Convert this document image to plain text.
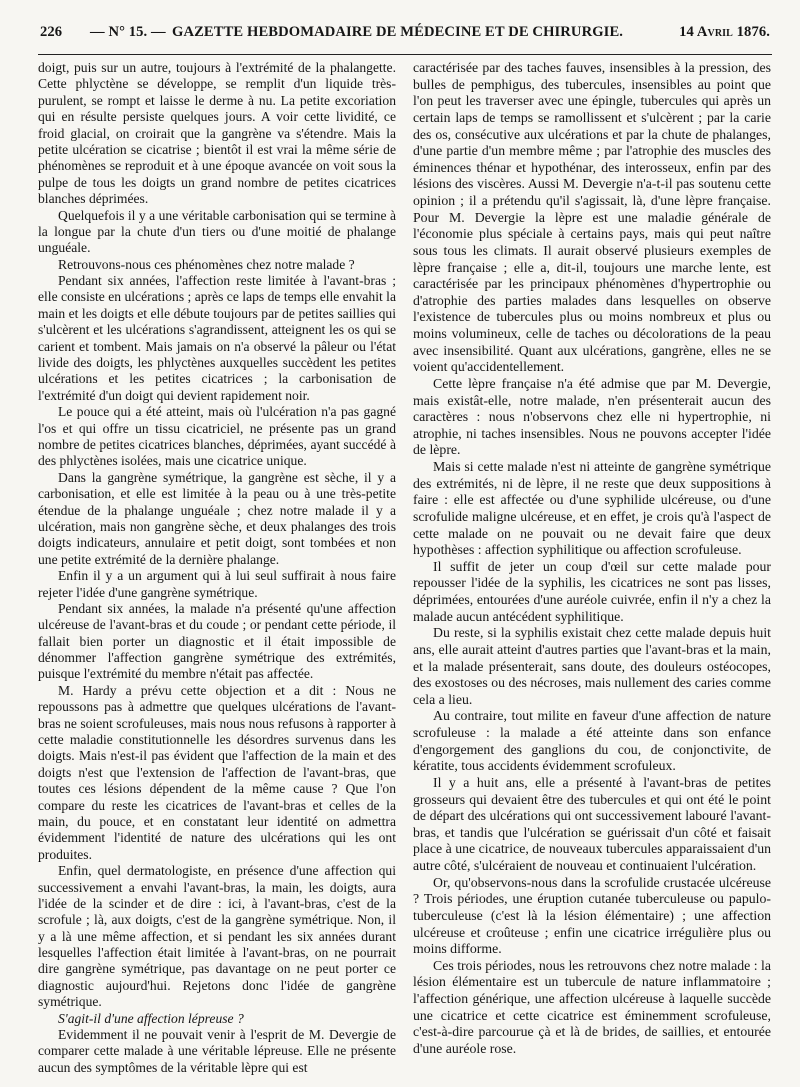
226	— N° 15. — GAZETTE HEBDOMADAIRE DE MÉDECINE ET DE CHIRURGIE.	14 Avril 1876.

doigt, puis sur un autre, toujours à l'extrémité de la phalangette. Cette phlyctène se développe, se remplit d'un liquide très-purulent, se rompt et laisse le derme à nu. La petite excoriation qui en résulte persiste quelques jours. A voir cette lividité, ce froid glacial, on croirait que la gangrène va s'étendre. Mais la petite ulcération se cicatrise ; bientôt il est vrai la même série de phénomènes se reproduit et à une époque avancée on voit sous la pulpe de tous les doigts un grand nombre de petites cicatrices blanches déprimées.

Quelquefois il y a une véritable carbonisation qui se termine à la longue par la chute d'un tiers ou d'une moitié de phalange unguéale.

Retrouvons-nous ces phénomènes chez notre malade ?

Pendant six années, l'affection reste limitée à l'avant-bras ; elle consiste en ulcérations ; après ce laps de temps elle envahit la main et les doigts et elle débute toujours par de petites saillies qui s'ulcèrent et les ulcérations s'agrandissent, atteignent les os qui se carient et tombent. Mais jamais on n'a observé la pâleur ou l'état livide des doigts, les phlyctènes auxquelles succèdent les petites ulcérations et les petites cicatrices ; la carbonisation de l'extrémité d'un doigt qui devient rapidement noir.

Le pouce qui a été atteint, mais où l'ulcération n'a pas gagné l'os et qui offre un tissu cicatriciel, ne présente pas un grand nombre de petites cicatrices blanches, déprimées, ayant succédé à des phlyctènes isolées, mais une cicatrice unique.

Dans la gangrène symétrique, la gangrène est sèche, il y a carbonisation, et elle est limitée à la peau ou à une très-petite étendue de la phalange unguéale ; chez notre malade il y a ulcération, mais non gangrène sèche, et deux phalanges des trois doigts indicateurs, annulaire et petit doigt, sont tombées et non une petite extrémité de la dernière phalange.

Enfin il y a un argument qui à lui seul suffirait à nous faire rejeter l'idée d'une gangrène symétrique.

Pendant six années, la malade n'a présenté qu'une affection ulcéreuse de l'avant-bras et du coude ; or pendant cette période, il fallait bien porter un diagnostic et il était impossible de dénommer l'affection gangrène symétrique des extrémités, puisque l'extrémité du membre n'était pas affectée.

M. Hardy a prévu cette objection et a dit : Nous ne repoussons pas à admettre que quelques ulcérations de l'avant-bras ne soient scrofuleuses, mais nous nous refusons à rapporter à cette maladie constitutionnelle les désordres survenus dans les doigts. Mais n'est-il pas évident que l'affection de la main et des doigts n'est que l'extension de l'affection de l'avant-bras, que toutes ces lésions dépendent de la même cause ? Que l'on compare du reste les cicatrices de l'avant-bras et celles de la main, du pouce, et en constatant leur identité on admettra évidemment l'identité de nature des ulcérations qui les ont produites.

Enfin, quel dermatologiste, en présence d'une affection qui successivement a envahi l'avant-bras, la main, les doigts, aura l'idée de la scinder et de dire : ici, à l'avant-bras, c'est de la scrofule ; là, aux doigts, c'est de la gangrène symétrique. Non, il y a là une même affection, et si pendant les six années durant lesquelles l'affection était limitée à l'avant-bras, on ne pourrait dire gangrène symétrique, pas davantage on ne peut porter ce diagnostic aujourd'hui. Rejetons donc l'idée de gangrène symétrique.

S'agit-il d'une affection lépreuse ?

Evidemment il ne pouvait venir à l'esprit de M. Devergie de comparer cette malade à une véritable lépreuse. Elle ne présente aucun des symptômes de la véritable lèpre qui est

caractérisée par des taches fauves, insensibles à la pression, des bulles de pemphigus, des tubercules, insensibles au point que l'on peut les traverser avec une épingle, tubercules qui après un certain laps de temps se ramollissent et s'ulcèrent ; par la carie des os, consécutive aux ulcérations et par la chute de phalanges, d'une partie d'un membre même ; par l'atrophie des muscles des éminences thénar et hypothénar, des interosseux, enfin par des lésions des viscères. Aussi M. Devergie n'a-t-il pas soutenu cette opinion ; il a prétendu qu'il s'agissait, là, d'une lèpre française. Pour M. Devergie la lèpre est une maladie générale de l'économie plus spéciale à certains pays, mais qui peut naître sous tous les climats. Il aurait observé plusieurs exemples de lèpre française ; elle a, dit-il, toujours une marche lente, est caractérisée par les principaux phénomènes d'hypertrophie ou d'atrophie des parties malades dans lesquelles on observe l'existence de tubercules plus ou moins nombreux et plus ou moins volumineux, celle de taches ou décolorations de la peau avec insensibilité. Quant aux ulcérations, gangrène, elles ne se voient qu'accidentellement.

Cette lèpre française n'a été admise que par M. Devergie, mais existât-elle, notre malade, n'en présenterait aucun des caractères : nous n'observons chez elle ni hypertrophie, ni atrophie, ni taches insensibles. Nous ne pouvons accepter l'idée de lèpre.

Mais si cette malade n'est ni atteinte de gangrène symétrique des extrémités, ni de lèpre, il ne reste que deux suppositions à faire : elle est affectée ou d'une syphilide ulcéreuse, ou d'une scrofulide maligne ulcéreuse, et en effet, je crois qu'à l'aspect de cette malade on ne pouvait ou ne devait faire que deux hypothèses : affection syphilitique ou affection scrofuleuse.

Il suffit de jeter un coup d'œil sur cette malade pour repousser l'idée de la syphilis, les cicatrices ne sont pas lisses, déprimées, entourées d'une auréole cuivrée, enfin il n'y a chez la malade aucun antécédent syphilitique.

Du reste, si la syphilis existait chez cette malade depuis huit ans, elle aurait atteint d'autres parties que l'avant-bras et la main, et la malade présenterait, sans doute, des douleurs ostéocopes, des exostoses ou des nécroses, mais nullement des caries comme cela a lieu.

Au contraire, tout milite en faveur d'une affection de nature scrofuleuse : la malade a été atteinte dans son enfance d'engorgement des ganglions du cou, de conjonctivite, de kératite, tous accidents évidemment scrofuleux.

Il y a huit ans, elle a présenté à l'avant-bras de petites grosseurs qui devaient être des tubercules et qui ont été le point de départ des ulcérations qui ont successivement labouré l'avant-bras, et tandis que l'ulcération se guérissait d'un côté et faisait place à une cicatrice, de nouveaux tubercules apparaissaient d'un autre côté, s'ulcéraient de nouveau et continuaient l'ulcération.

Or, qu'observons-nous dans la scrofulide crustacée ulcéreuse ? Trois périodes, une éruption cutanée tuberculeuse ou papulo-tuberculeuse (c'est là la lésion élémentaire) ; une affection ulcéreuse et croûteuse ; enfin une cicatrice irrégulière plus ou moins difforme.

Ces trois périodes, nous les retrouvons chez notre malade : la lésion élémentaire est un tubercule de nature inflammatoire ; l'affection générique, une affection ulcéreuse à laquelle succède une cicatrice et cette cicatrice est éminemment scrofuleuse, c'est-à-dire parcourue çà et là de brides, de saillies, et entourée d'une auréole rose.
